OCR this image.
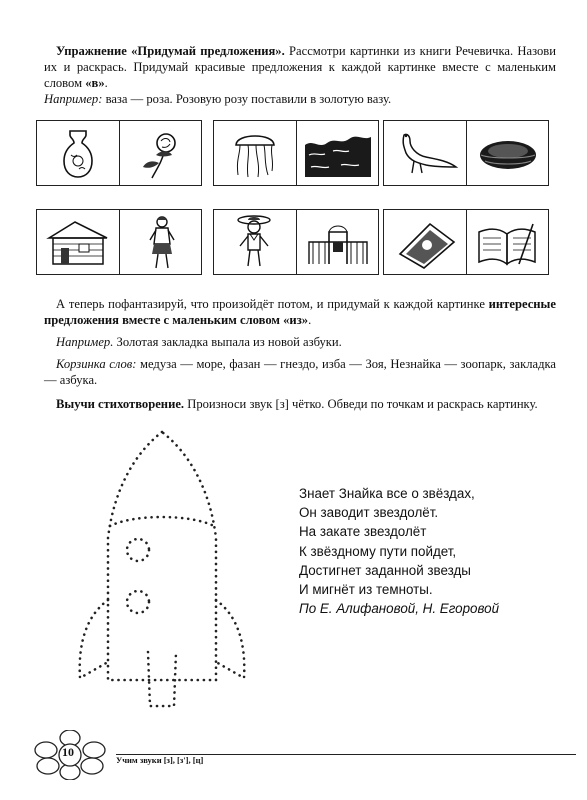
Упражнение «Придумай предложения». Рассмотри картинки из книги Речевичка. Назови их и раскрась. Придумай красивые предложения к каждой картинке вместе с маленьким словом «в».
Например: ваза — роза. Розовую розу поставили в золотую вазу.
А теперь пофантазируй, что произойдёт потом, и придумай к каждой картинке интересные предложения вместе с маленьким словом «из».
Например. Золотая закладка выпала из новой азбуки.
Корзинка слов: медуза — море, фазан — гнездо, изба — Зоя, Незнайка — зоопарк, закладка — азбука.
Выучи стихотворение. Произноси звук [з] чётко. Обведи по точкам и раскрась картинку.
Знает Знайка все о звёздах,
Он заводит звездолёт.
На закате звездолёт
К звёздному пути пойдет,
Достигнет заданной звезды
И мигнёт из темноты.
По Е. Алифановой, Н. Егоровой
10
Учим звуки [з], [з'], [ц]
